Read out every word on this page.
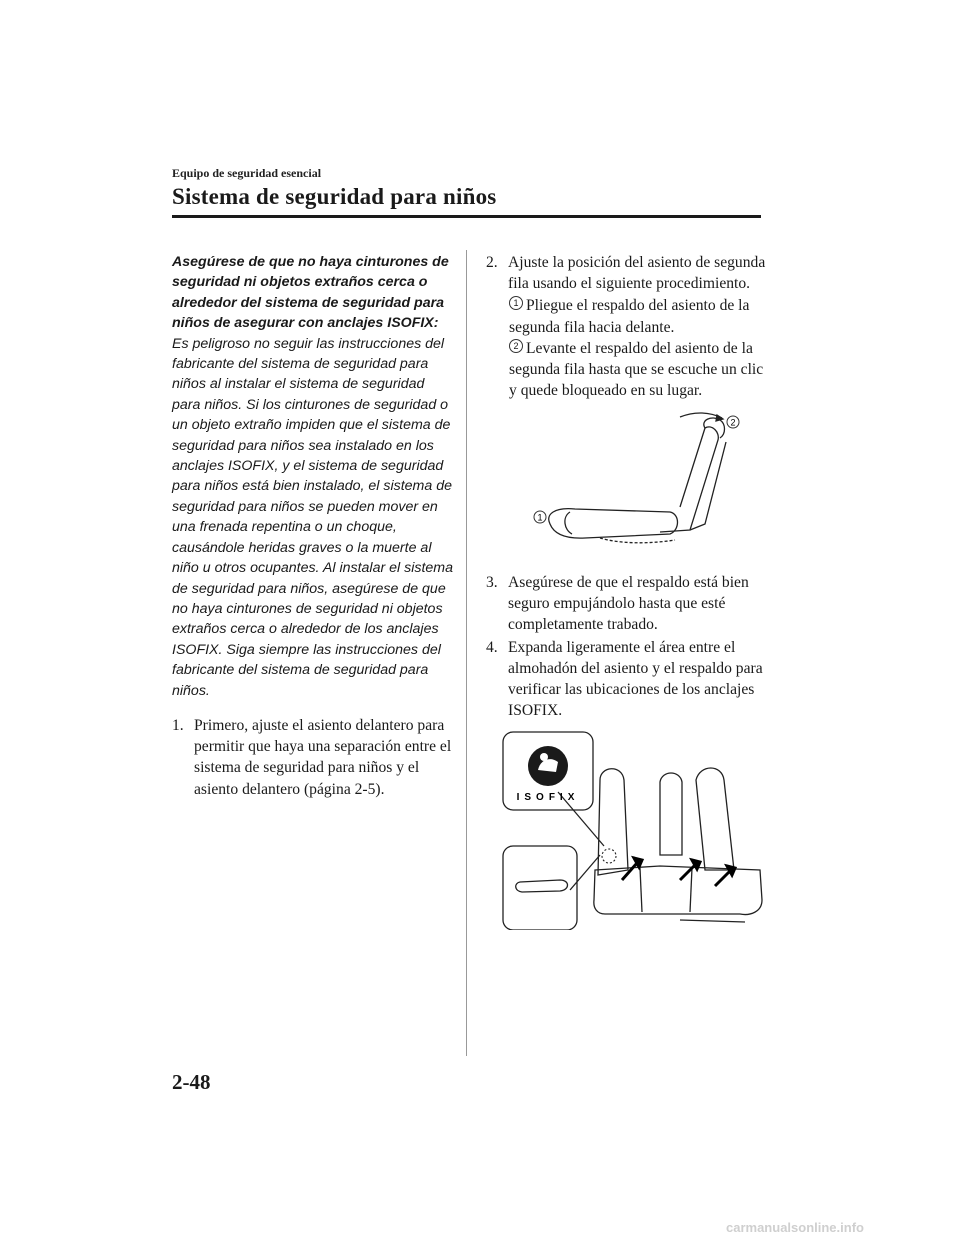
Equipo de seguridad esencial
Sistema de seguridad para niños
Asegúrese de que no haya cinturones de seguridad ni objetos extraños cerca o alrededor del sistema de seguridad para niños de asegurar con anclajes ISOFIX:
Es peligroso no seguir las instrucciones del fabricante del sistema de seguridad para niños al instalar el sistema de seguridad para niños. Si los cinturones de seguridad o un objeto extraño impiden que el sistema de seguridad para niños sea instalado en los anclajes ISOFIX, y el sistema de seguridad para niños está bien instalado, el sistema de seguridad para niños se pueden mover en una frenada repentina o un choque, causándole heridas graves o la muerte al niño u otros ocupantes. Al instalar el sistema de seguridad para niños, asegúrese de que no haya cinturones de seguridad ni objetos extraños cerca o alrededor de los anclajes ISOFIX. Siga siempre las instrucciones del fabricante del sistema de seguridad para niños.
1. Primero, ajuste el asiento delantero para permitir que haya una separación entre el sistema de seguridad para niños y el asiento delantero (página 2-5).
2. Ajuste la posición del asiento de segunda fila usando el siguiente procedimiento.
1 Pliegue el respaldo del asiento de la segunda fila hacia delante.
2 Levante el respaldo del asiento de la segunda fila hasta que se escuche un clic y quede bloqueado en su lugar.
1
2
3. Asegúrese de que el respaldo está bien seguro empujándolo hasta que esté completamente trabado.
4. Expanda ligeramente el área entre el almohadón del asiento y el respaldo para verificar las ubicaciones de los anclajes ISOFIX.
ISOFIX
2-48
carmanualsonline.info
